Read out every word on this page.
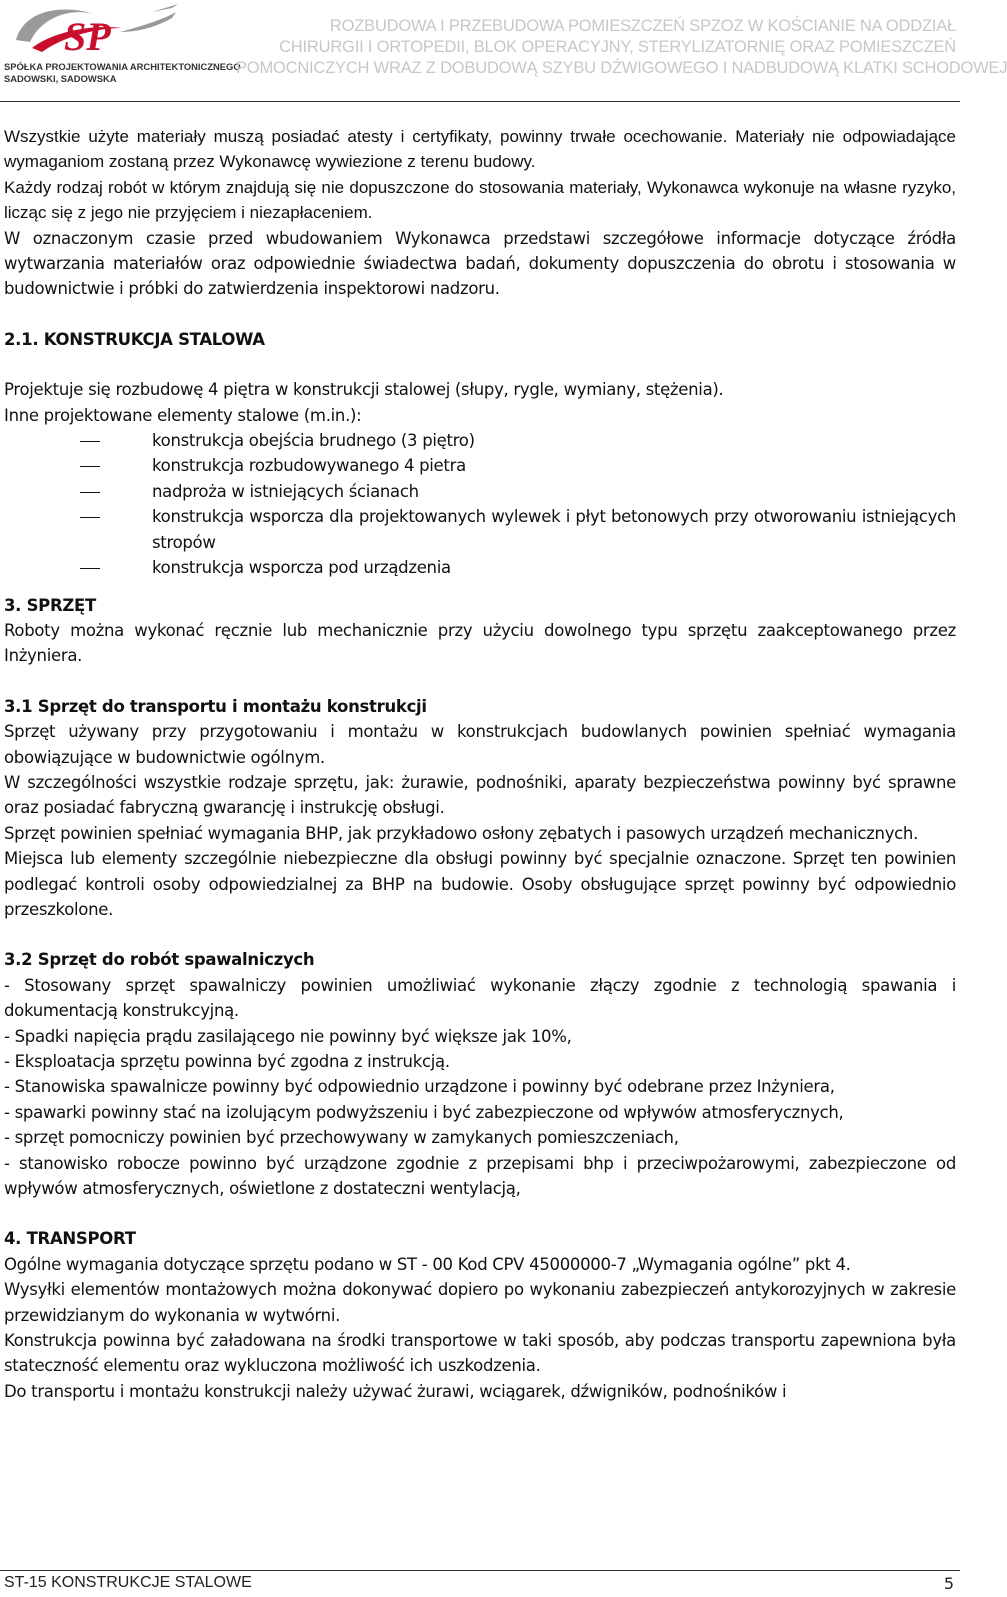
SP
SPÓŁKA PROJEKTOWANIA ARCHITEKTONICZNEGO
SADOWSKI, SADOWSKA
ROZBUDOWA I PRZEBUDOWA POMIESZCZEŃ SPZOZ W KOŚCIANIE NA ODDZIAŁ
CHIRURGII I ORTOPEDII, BLOK OPERACYJNY, STERYLIZATORNIĘ ORAZ POMIESZCZEŃ
POMOCNICZYCH WRAZ Z DOBUDOWĄ SZYBU DŹWIGOWEGO I NADBUDOWĄ KLATKI SCHODOWEJ

Wszystkie użyte materiały muszą posiadać atesty i certyfikaty, powinny trwałe ocechowanie. Materiały nie odpowiadające wymaganiom zostaną przez Wykonawcę wywiezione z terenu budowy.

Każdy rodzaj robót w którym znajdują się nie dopuszczone do stosowania materiały, Wykonawca wykonuje na własne ryzyko, licząc się z jego nie przyjęciem i niezapłaceniem.

W oznaczonym czasie przed wbudowaniem Wykonawca przedstawi szczegółowe informacje dotyczące źródła wytwarzania materiałów oraz odpowiednie świadectwa badań, dokumenty dopuszczenia do obrotu i stosowania w budownictwie i próbki do zatwierdzenia inspektorowi nadzoru.

2.1. KONSTRUKCJA STALOWA

Projektuje się rozbudowę 4 piętra w konstrukcji stalowej (słupy, rygle, wymiany, stężenia).

Inne projektowane elementy stalowe (m.in.):

konstrukcja obejścia brudnego (3 piętro)
konstrukcja rozbudowywanego 4 pietra
nadproża w istniejących ścianach
konstrukcja wsporcza dla projektowanych wylewek i płyt betonowych przy otworowaniu istniejących stropów
konstrukcja wsporcza pod urządzenia

3. SPRZĘT

Roboty można wykonać ręcznie lub mechanicznie przy użyciu dowolnego typu sprzętu zaakceptowanego przez Inżyniera.

3.1 Sprzęt do transportu i montażu konstrukcji

Sprzęt używany przy przygotowaniu i montażu w konstrukcjach budowlanych powinien spełniać wymagania obowiązujące w budownictwie ogólnym.

W szczególności wszystkie rodzaje sprzętu, jak: żurawie, podnośniki, aparaty bezpieczeństwa powinny być sprawne oraz posiadać fabryczną gwarancję i instrukcję obsługi.

Sprzęt powinien spełniać wymagania BHP, jak przykładowo osłony zębatych i pasowych urządzeń mechanicznych.

Miejsca lub elementy szczególnie niebezpieczne dla obsługi powinny być specjalnie oznaczone. Sprzęt ten powinien podlegać kontroli osoby odpowiedzialnej za BHP na budowie. Osoby obsługujące sprzęt powinny być odpowiednio przeszkolone.

3.2 Sprzęt do robót spawalniczych

- Stosowany sprzęt spawalniczy powinien umożliwiać wykonanie złączy zgodnie z technologią spawania i dokumentacją konstrukcyjną.

- Spadki napięcia prądu zasilającego nie powinny być większe jak 10%,

- Eksploatacja sprzętu powinna być zgodna z instrukcją.

- Stanowiska spawalnicze powinny być odpowiednio urządzone i powinny być odebrane przez Inżyniera,

- spawarki powinny stać na izolującym podwyższeniu i być zabezpieczone od wpływów atmosferycznych,

- sprzęt pomocniczy powinien być przechowywany w zamykanych pomieszczeniach,

- stanowisko robocze powinno być urządzone zgodnie z przepisami bhp i przeciwpożarowymi, zabezpieczone od wpływów atmosferycznych, oświetlone z dostateczni wentylacją,

4. TRANSPORT

Ogólne wymagania dotyczące sprzętu podano w ST - 00 Kod CPV 45000000-7 „Wymagania ogólne” pkt 4.

Wysyłki elementów montażowych można dokonywać dopiero po wykonaniu zabezpieczeń antykorozyjnych w zakresie przewidzianym do wykonania w wytwórni.

Konstrukcja powinna być załadowana na środki transportowe w taki sposób, aby podczas transportu zapewniona była stateczność elementu oraz wykluczona możliwość ich uszkodzenia.

Do transportu i montażu konstrukcji należy używać żurawi, wciągarek, dźwigników, podnośników i

ST-15 KONSTRUKCJE STALOWE	5
